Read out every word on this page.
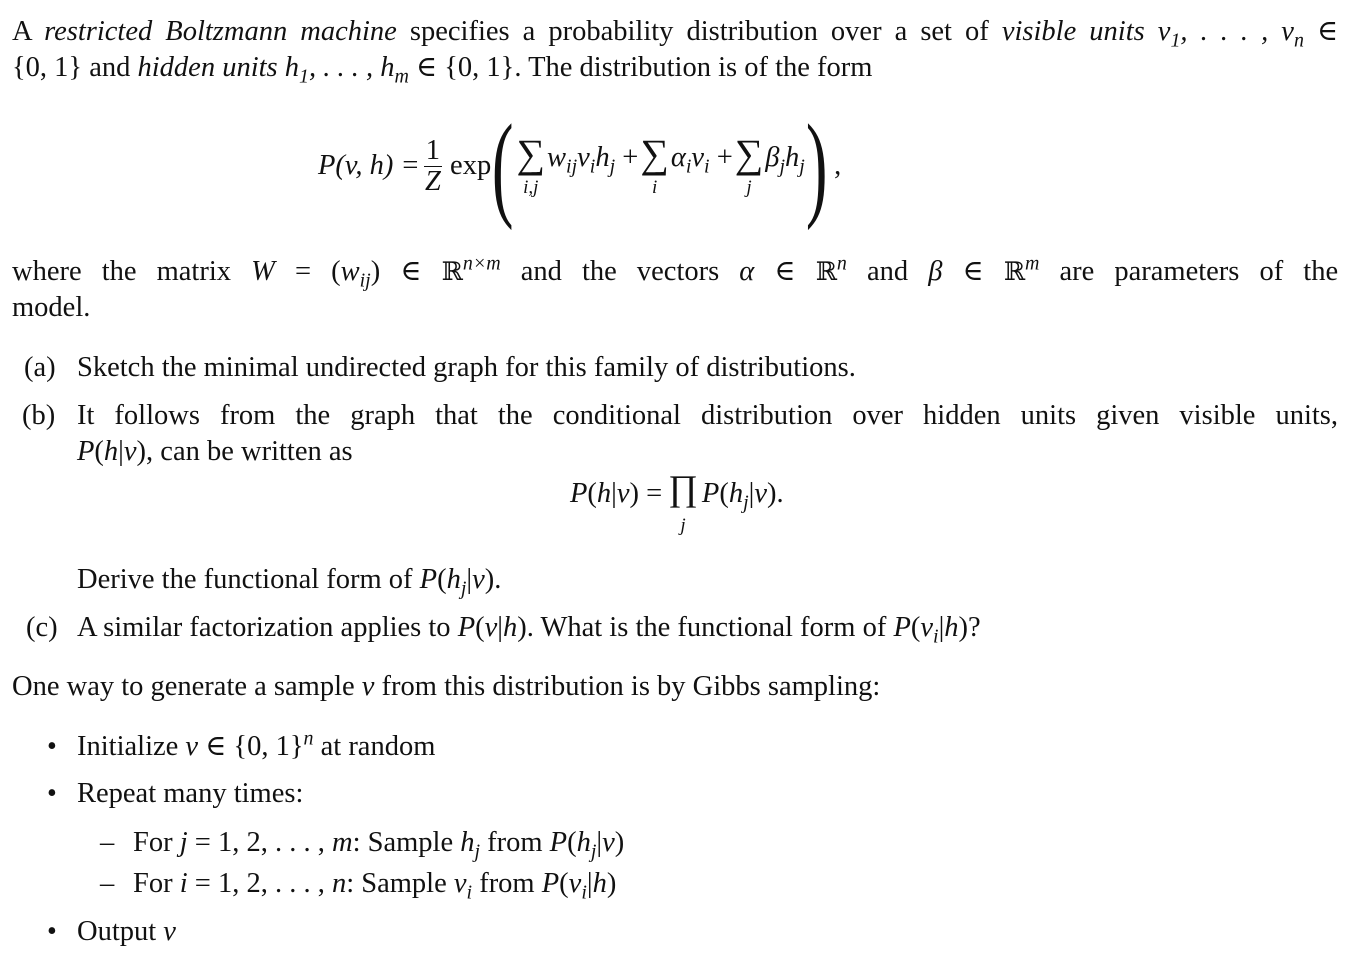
A restricted Boltzmann machine specifies a probability distribution over a set of visible units $v_1$, . . . , $v_n$ ∈
{0, 1} and hidden units $h_1$, . . . , $h_m$ ∈ {0, 1}. The distribution is of the form
P(v, $h) = \frac{1}{Z}$ exp ( ∑
i,j
$w_{ij}v_ih_j$ + ∑
i
$\alpha_iv_i$ + ∑
j
$\beta_jh_j$ ) ,
where the matrix $W = (w_{ij})$ ∈ ℝ$^{n\times m}$ and the vectors α ∈ ℝ$^n$ and β ∈ ℝ$^m$ are parameters of the
model.
(a) Sketch the minimal undirected graph for this family of distributions.
(b) It follows from the graph that the conditional distribution over hidden units given visible units,
P(h|v), can be written as
P(h|v) = ∏
j
$P(h_j|v)$.
Derive the functional form of $P(h_j|v)$.
(c) A similar factorization applies to P(v|h). What is the functional form of $P(v_i|h)$?
One way to generate a sample v from this distribution is by Gibbs sampling:
• Initialize v ∈ {0, 1}$^n$ at random
• Repeat many times:
– For j = 1, 2, . . . , m: Sample $h_j$ from $P(h_j|v)$
– For i = 1, 2, . . . , n: Sample $v_i$ from $P(v_i|h)$
• Output v
